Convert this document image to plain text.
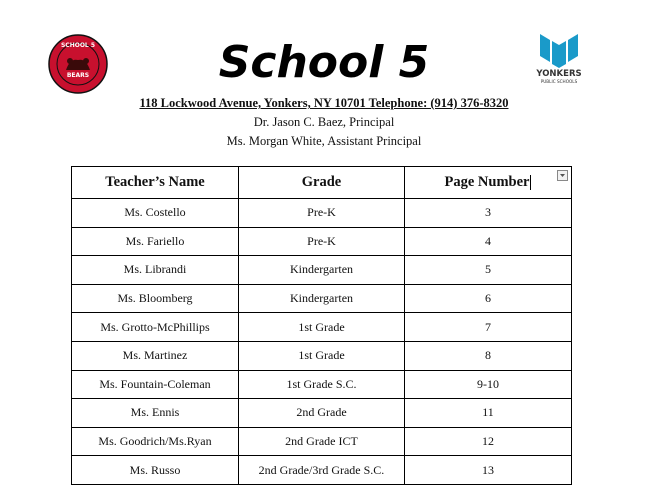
SCHOOL 5
BEARS	School 5	YONKERS
PUBLIC SCHOOLS
118 Lockwood Avenue, Yonkers, NY 10701 Telephone: (914) 376-8320
Dr. Jason C. Baez, Principal
Ms. Morgan White, Assistant Principal
Teacher’s Name	Grade	Page Number

Ms. Costello	Pre-K	3
Ms. Fariello	Pre-K	4
Ms. Librandi	Kindergarten	5
Ms. Bloomberg	Kindergarten	6
Ms. Grotto-McPhillips	1st Grade	7
Ms. Martinez	1st Grade	8
Ms. Fountain-Coleman	1st Grade S.C.	9-10
Ms. Ennis	2nd Grade	11
Ms. Goodrich/Ms.Ryan	2nd Grade ICT	12
Ms. Russo	2nd Grade/3rd Grade S.C.	13
